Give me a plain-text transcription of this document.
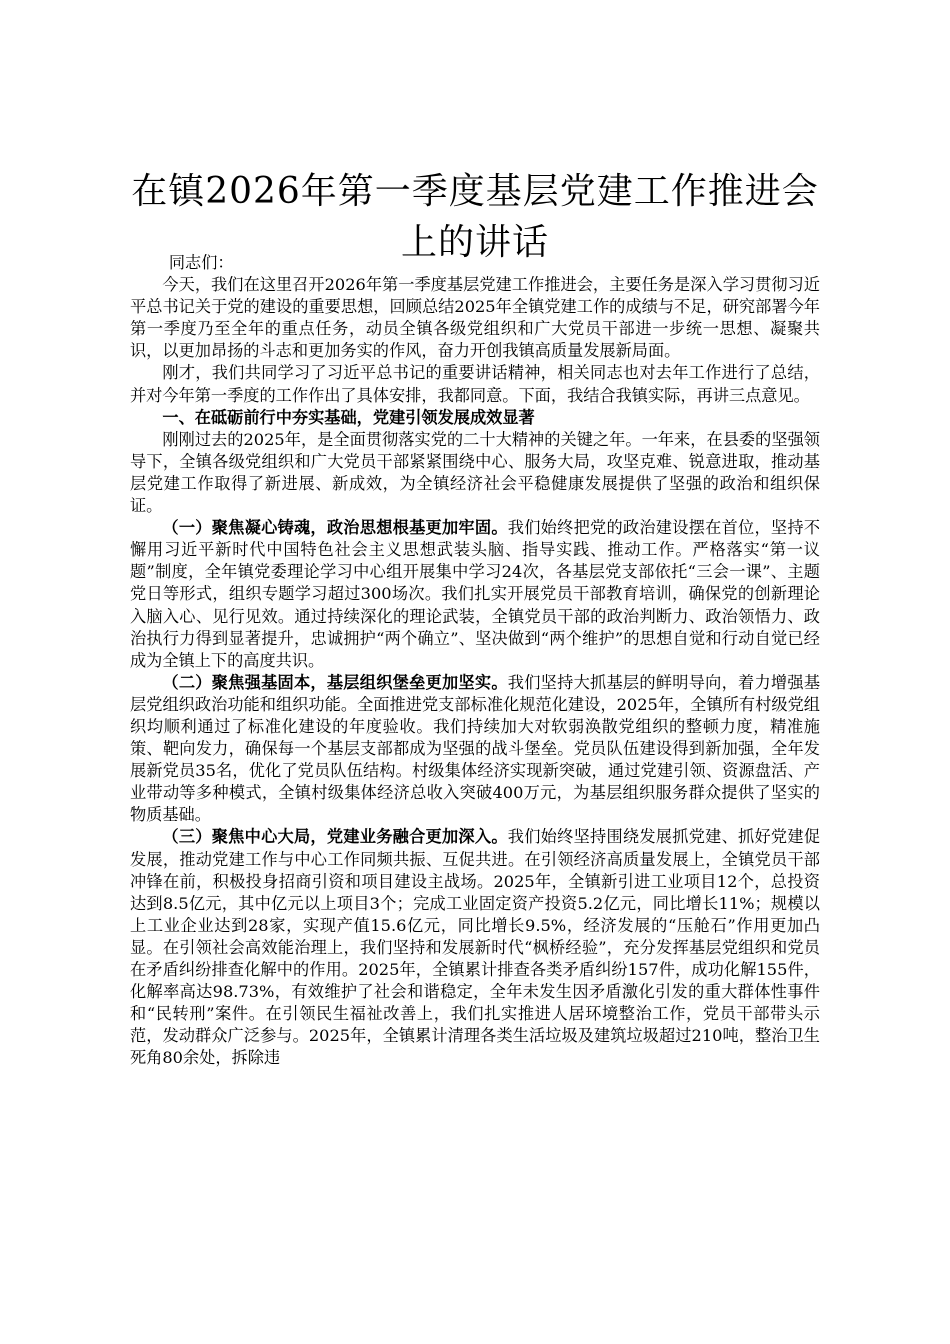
在镇2026年第一季度基层党建工作推进会上的讲话

同志们：

今天，我们在这里召开2026年第一季度基层党建工作推进会，主要任务是深入学习贯彻习近平总书记关于党的建设的重要思想，回顾总结2025年全镇党建工作的成绩与不足，研究部署今年第一季度乃至全年的重点任务，动员全镇各级党组织和广大党员干部进一步统一思想、凝聚共识，以更加昂扬的斗志和更加务实的作风，奋力开创我镇高质量发展新局面。

刚才，我们共同学习了习近平总书记的重要讲话精神，相关同志也对去年工作进行了总结，并对今年第一季度的工作作出了具体安排，我都同意。下面，我结合我镇实际，再讲三点意见。

一、在砥砺前行中夯实基础，党建引领发展成效显著

刚刚过去的2025年，是全面贯彻落实党的二十大精神的关键之年。一年来，在县委的坚强领导下，全镇各级党组织和广大党员干部紧紧围绕中心、服务大局，攻坚克难、锐意进取，推动基层党建工作取得了新进展、新成效，为全镇经济社会平稳健康发展提供了坚强的政治和组织保证。

（一）聚焦凝心铸魂，政治思想根基更加牢固。我们始终把党的政治建设摆在首位，坚持不懈用习近平新时代中国特色社会主义思想武装头脑、指导实践、推动工作。严格落实“第一议题”制度，全年镇党委理论学习中心组开展集中学习24次，各基层党支部依托“三会一课”、主题党日等形式，组织专题学习超过300场次。我们扎实开展党员干部教育培训，确保党的创新理论入脑入心、见行见效。通过持续深化的理论武装，全镇党员干部的政治判断力、政治领悟力、政治执行力得到显著提升，忠诚拥护“两个确立”、坚决做到“两个维护”的思想自觉和行动自觉已经成为全镇上下的高度共识。

（二）聚焦强基固本，基层组织堡垒更加坚实。我们坚持大抓基层的鲜明导向，着力增强基层党组织政治功能和组织功能。全面推进党支部标准化规范化建设，2025年，全镇所有村级党组织均顺利通过了标准化建设的年度验收。我们持续加大对软弱涣散党组织的整顿力度，精准施策、靶向发力，确保每一个基层支部都成为坚强的战斗堡垒。党员队伍建设得到新加强，全年发展新党员35名，优化了党员队伍结构。村级集体经济实现新突破，通过党建引领、资源盘活、产业带动等多种模式，全镇村级集体经济总收入突破400万元，为基层组织服务群众提供了坚实的物质基础。

（三）聚焦中心大局，党建业务融合更加深入。我们始终坚持围绕发展抓党建、抓好党建促发展，推动党建工作与中心工作同频共振、互促共进。在引领经济高质量发展上，全镇党员干部冲锋在前，积极投身招商引资和项目建设主战场。2025年，全镇新引进工业项目12个，总投资达到8.5亿元，其中亿元以上项目3个；完成工业固定资产投资5.2亿元，同比增长11%；规模以上工业企业达到28家，实现产值15.6亿元，同比增长9.5%，经济发展的“压舱石”作用更加凸显。在引领社会高效能治理上，我们坚持和发展新时代“枫桥经验”，充分发挥基层党组织和党员在矛盾纠纷排查化解中的作用。2025年，全镇累计排查各类矛盾纠纷157件，成功化解155件，化解率高达98.73%，有效维护了社会和谐稳定，全年未发生因矛盾激化引发的重大群体性事件和“民转刑”案件。在引领民生福祉改善上，我们扎实推进人居环境整治工作，党员干部带头示范，发动群众广泛参与。2025年，全镇累计清理各类生活垃圾及建筑垃圾超过210吨，整治卫生死角80余处，拆除违
